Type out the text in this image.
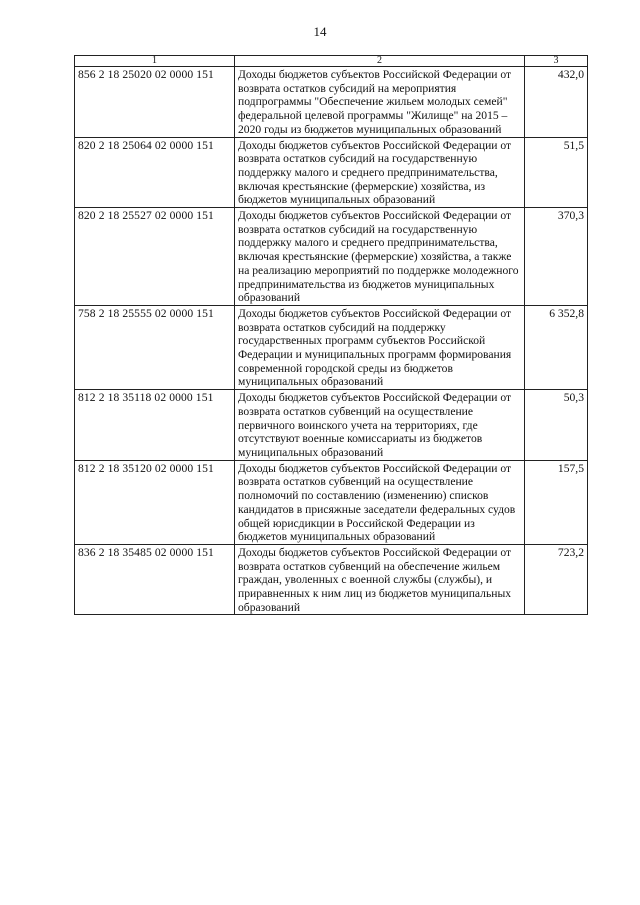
14
1	2	3
856 2 18 25020 02 0000 151	Доходы бюджетов субъектов Российской Федерации от возврата остатков субсидий на мероприятия подпрограммы "Обеспечение жильем молодых семей" федеральной целевой программы "Жилище" на 2015 – 2020 годы из бюджетов муниципальных образований	432,0
820 2 18 25064 02 0000 151	Доходы бюджетов субъектов Российской Федерации от возврата остатков субсидий на государственную поддержку малого и среднего предпринимательства, включая крестьянские (фермерские) хозяйства, из бюджетов муниципальных образований	51,5
820 2 18 25527 02 0000 151	Доходы бюджетов субъектов Российской Федерации от возврата остатков субсидий на государственную поддержку малого и среднего предпринимательства, включая крестьянские (фермерские) хозяйства, а также на реализацию мероприятий по поддержке молодежного предпринимательства из бюджетов муниципальных образований	370,3
758 2 18 25555 02 0000 151	Доходы бюджетов субъектов Российской Федерации от возврата остатков субсидий на поддержку государственных программ субъектов Российской Федерации и муниципальных программ формирования современной городской среды из бюджетов муниципальных образований	6 352,8
812 2 18 35118 02 0000 151	Доходы бюджетов субъектов Российской Федерации от возврата остатков субвенций на осуществление первичного воинского учета на территориях, где отсутствуют военные комиссариаты из бюджетов муниципальных образований	50,3
812 2 18 35120 02 0000 151	Доходы бюджетов субъектов Российской Федерации от возврата остатков субвенций на осуществление полномочий по составлению (изменению) списков кандидатов в присяжные заседатели федеральных судов общей юрисдикции в Российской Федерации из бюджетов муниципальных образований	157,5
836 2 18 35485 02 0000 151	Доходы бюджетов субъектов Российской Федерации от возврата остатков субвенций на обеспечение жильем граждан, уволенных с военной службы (службы), и приравненных к ним лиц из бюджетов муниципальных образований	723,2
